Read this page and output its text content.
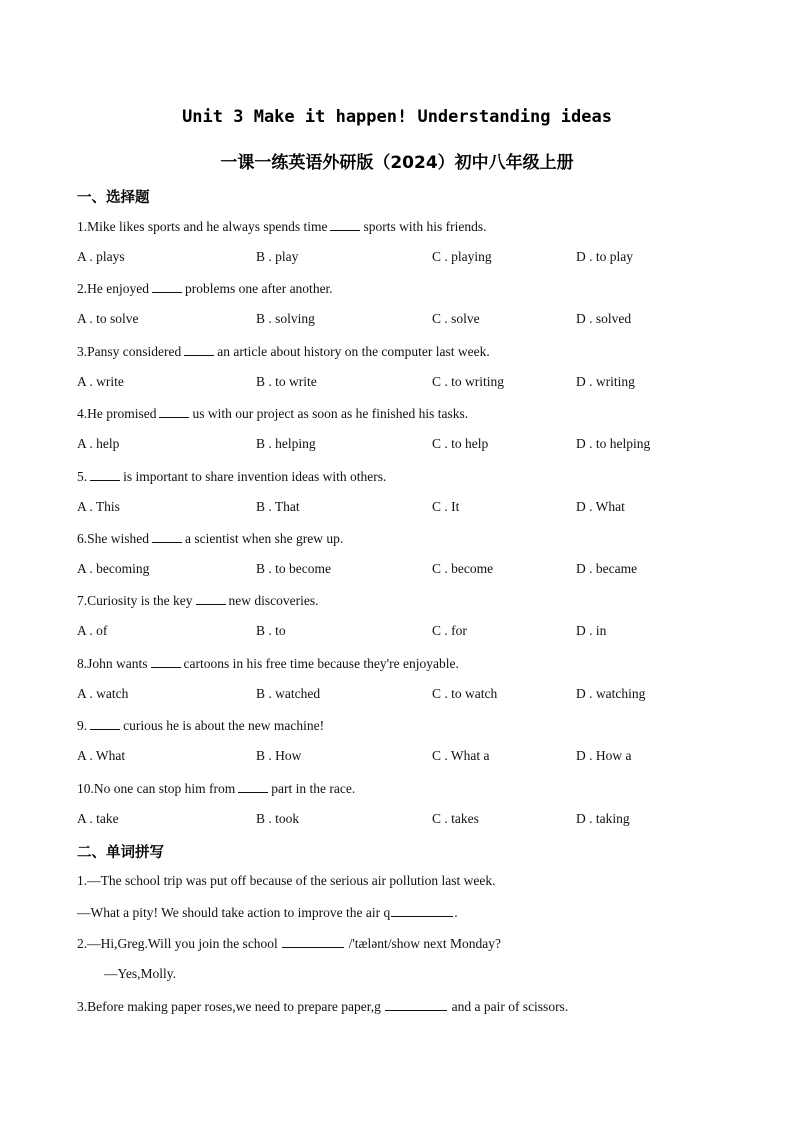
Unit 3 Make it happen! Understanding ideas
一课一练英语外研版（2024）初中八年级上册
一、选择题
1.Mike likes sports and he always spends time	sports with his friends.
A . plays	B . play	C . playing	D . to play
2.He enjoyed	problems one after another.
A . to solve	B . solving	C . solve	D . solved
3.Pansy considered	an article about history on the computer last week.
A . write	B . to write	C . to writing	D . writing
4.He promised	us with our project as soon as he finished his tasks.
A . help	B . helping	C . to help	D . to helping
5.	is important to share invention ideas with others.
A . This	B . That	C . It	D . What
6.She wished	a scientist when she grew up.
A . becoming	B . to become	C . become	D . became
7.Curiosity is the key	new discoveries.
A . of	B . to	C . for	D . in
8.John wants	cartoons in his free time because they're enjoyable.
A . watch	B . watched	C . to watch	D . watching
9.	curious he is about the new machine!
A . What	B . How	C . What a	D . How a
10.No one can stop him from	part in the race.
A . take	B . took	C . takes	D . taking
二、单词拼写
1.—The school trip was put off because of the serious air pollution last week.
—What a pity! We should take action to improve the air q	.
2.—Hi,Greg.Will you join the school	/'tælənt/show next Monday?
—Yes,Molly.
3.Before making paper roses,we need to prepare paper,g	and a pair of scissors.
